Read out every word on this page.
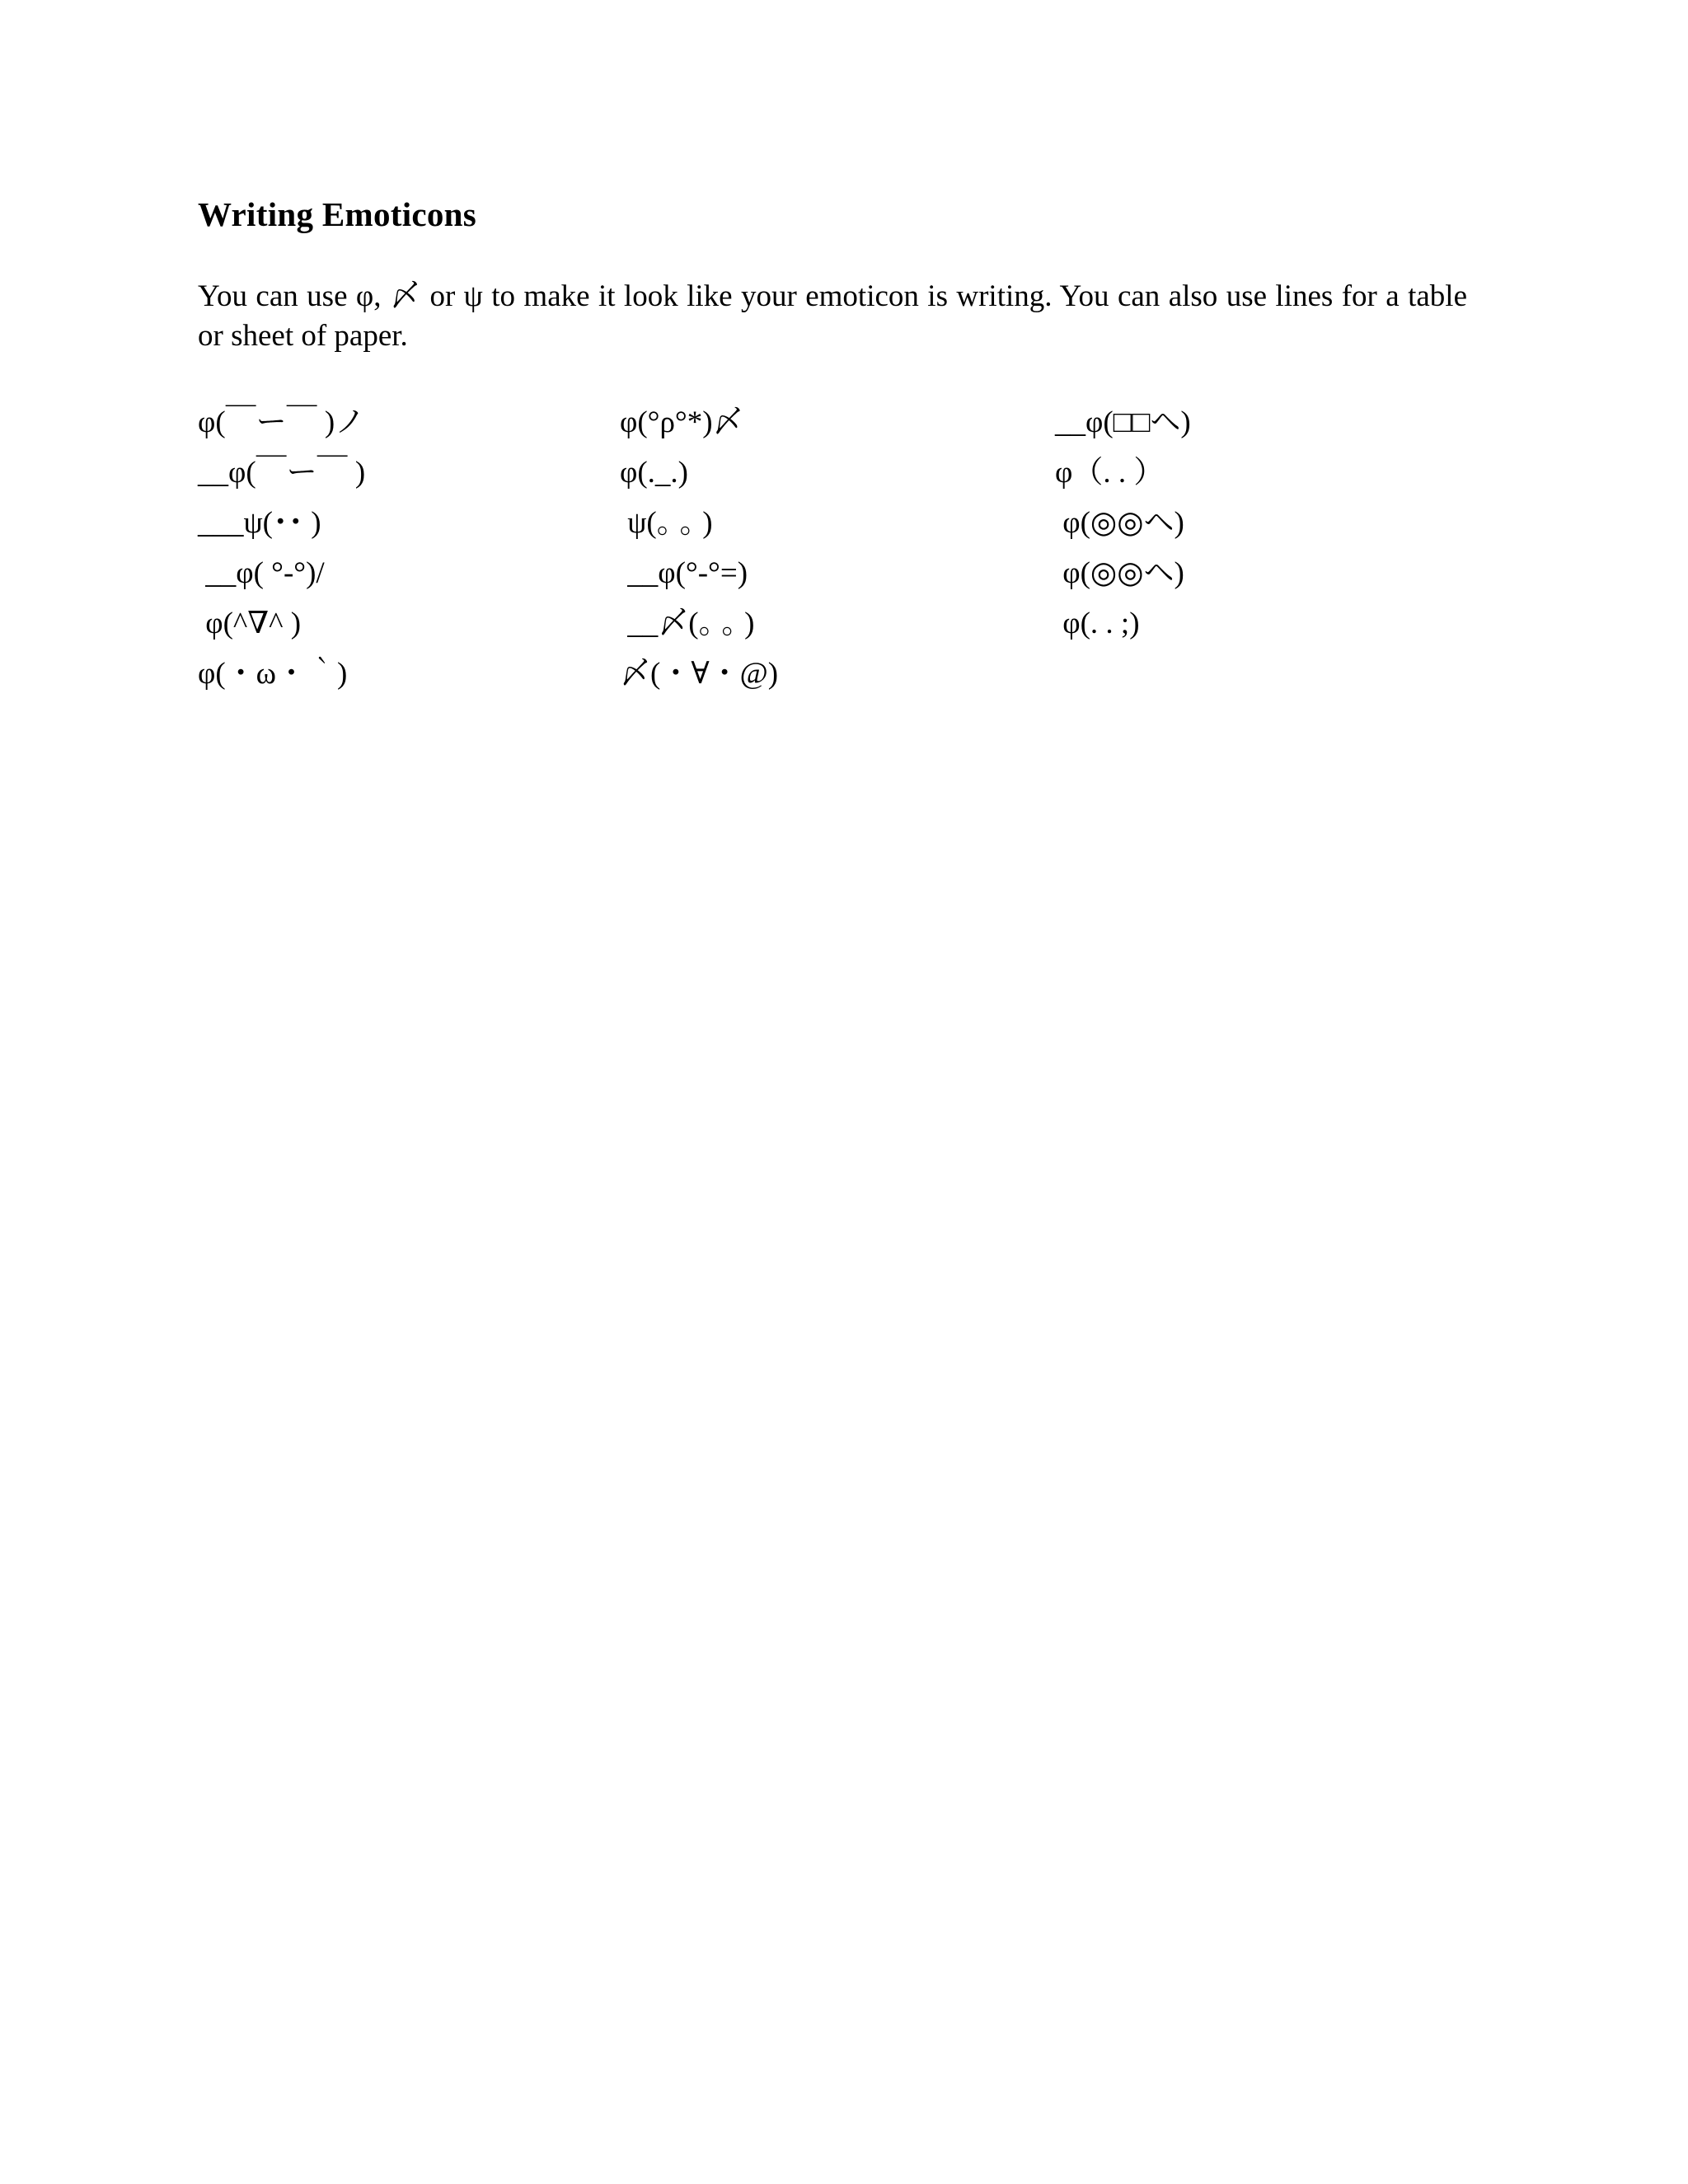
Writing Emoticons

You can use φ, 〆 or ψ to make it look like your emoticon is writing. You can also use lines for a table or sheet of paper.

φ(￣ー￣ )ノ
__φ(￣ー￣ )
___ψ(･･ )
__φ( °-°)/
φ(^∇^ )
φ(・ω・｀)
φ(°ρ°*)〆
φ(._.)
ψ(｡ ｡ )
__φ(°-°=)
__〆(｡ ｡ )
〆(・∀・@)
__φ(□□ヘ)
φ（. . ）
φ(◎◎ヘ)
φ(◎◎ヘ)
φ(. . ;)
